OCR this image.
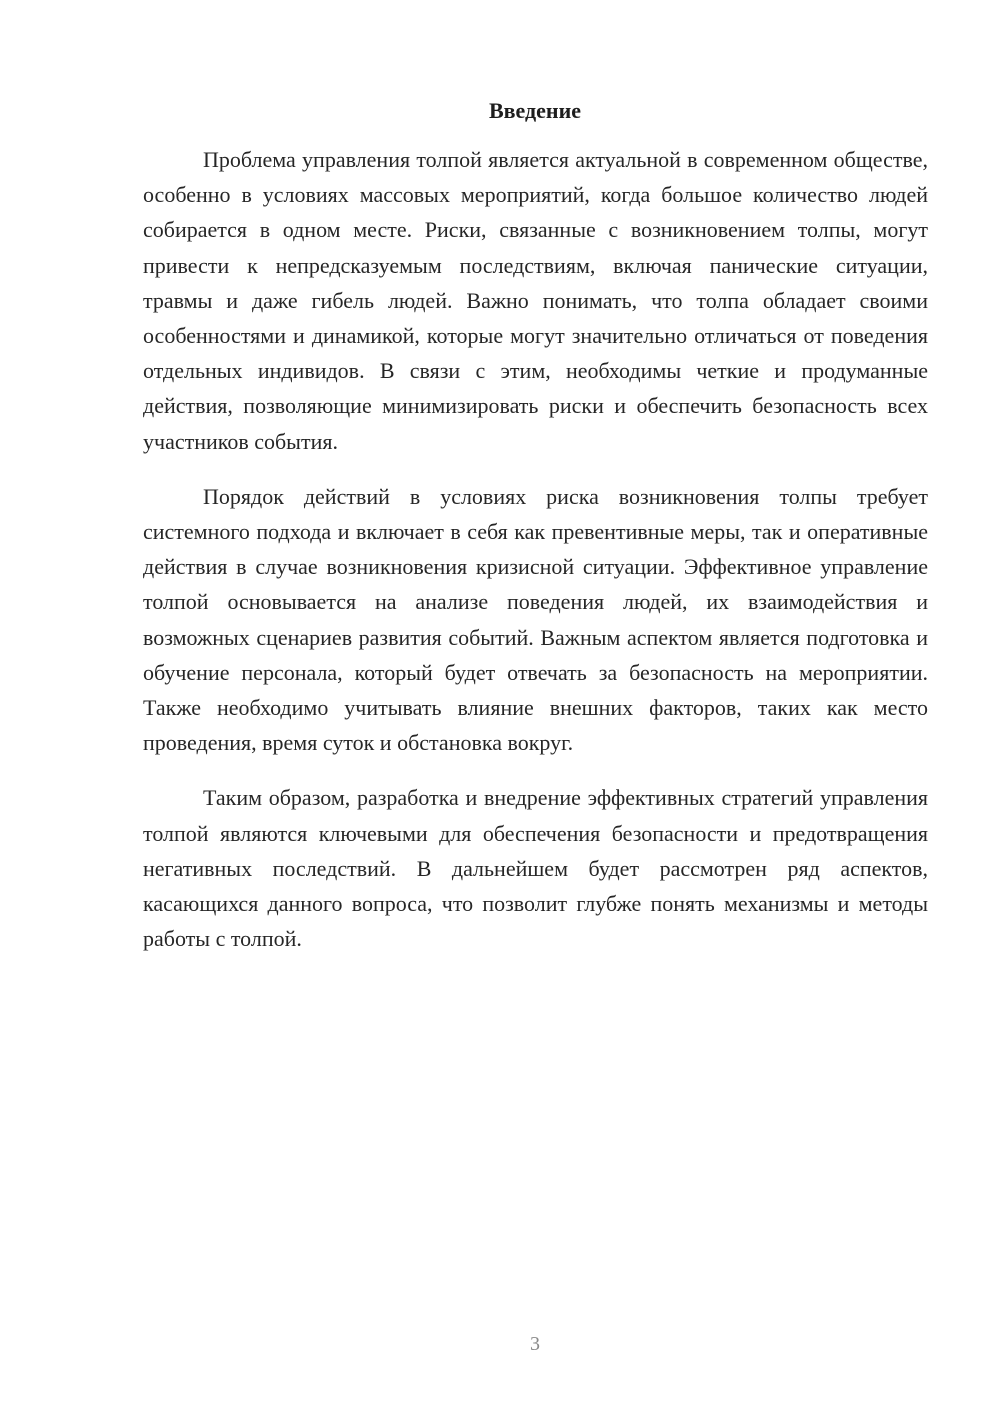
Введение

Проблема управления толпой является актуальной в современном обществе, особенно в условиях массовых мероприятий, когда большое количество людей собирается в одном месте. Риски, связанные с возникновением толпы, могут привести к непредсказуемым последствиям, включая панические ситуации, травмы и даже гибель людей. Важно понимать, что толпа обладает своими особенностями и динамикой, которые могут значительно отличаться от поведения отдельных индивидов. В связи с этим, необходимы четкие и продуманные действия, позволяющие минимизировать риски и обеспечить безопасность всех участников события.

Порядок действий в условиях риска возникновения толпы требует системного подхода и включает в себя как превентивные меры, так и оперативные действия в случае возникновения кризисной ситуации. Эффективное управление толпой основывается на анализе поведения людей, их взаимодействия и возможных сценариев развития событий. Важным аспектом является подготовка и обучение персонала, который будет отвечать за безопасность на мероприятии. Также необходимо учитывать влияние внешних факторов, таких как место проведения, время суток и обстановка вокруг.

Таким образом, разработка и внедрение эффективных стратегий управления толпой являются ключевыми для обеспечения безопасности и предотвращения негативных последствий. В дальнейшем будет рассмотрен ряд аспектов, касающихся данного вопроса, что позволит глубже понять механизмы и методы работы с толпой.

3
